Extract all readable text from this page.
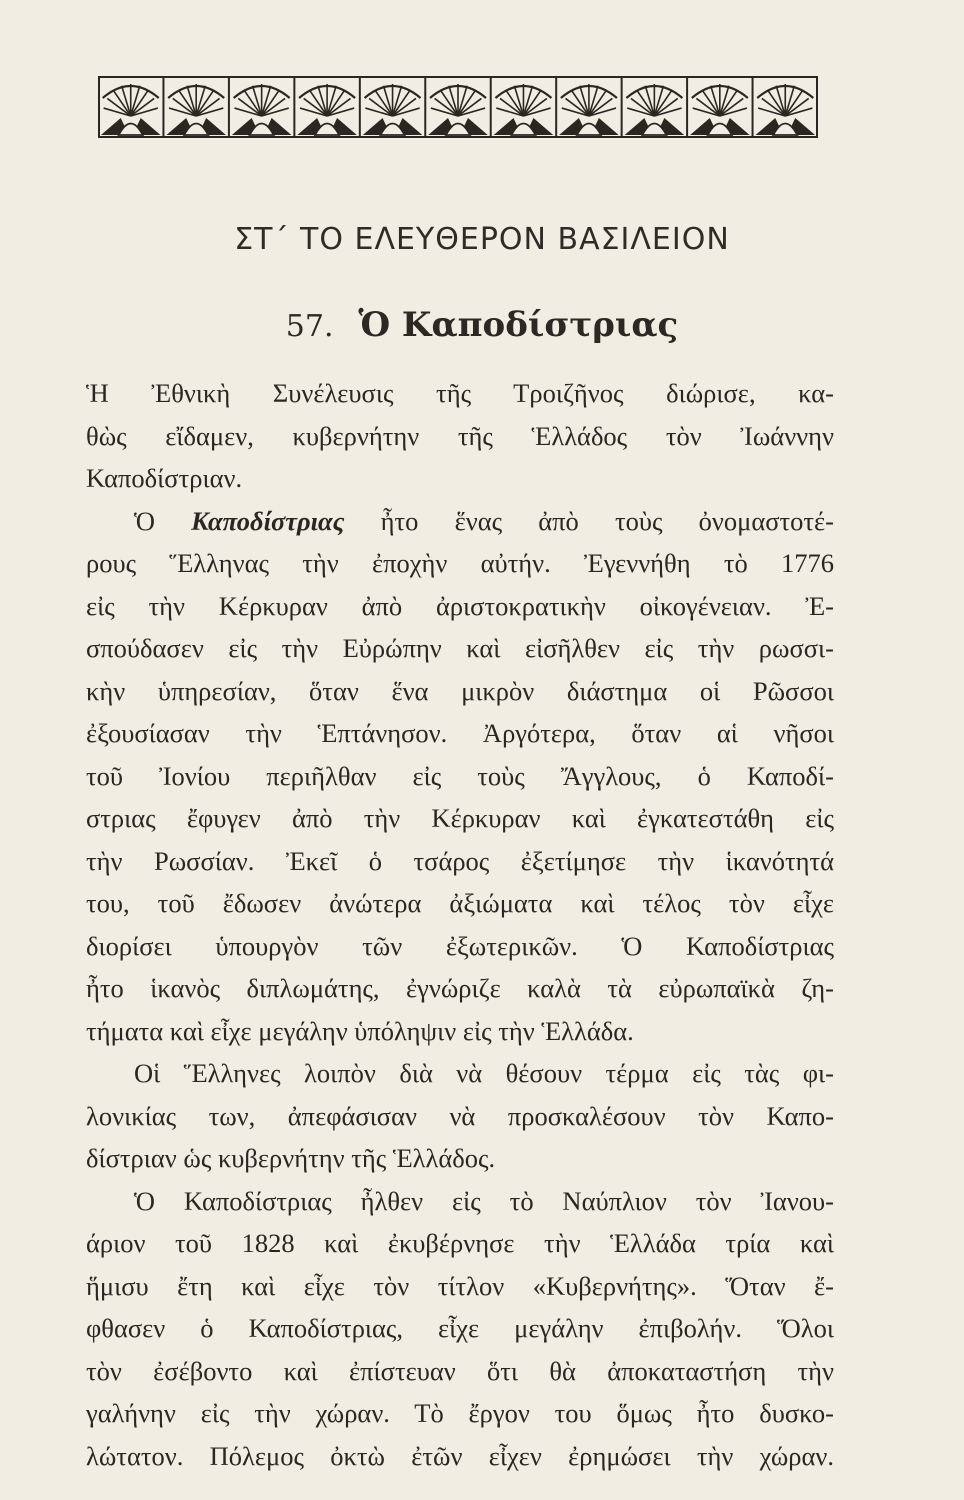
ΣΤ΄ ΤΟ ΕΛΕΥΘΕΡΟΝ ΒΑΣΙΛΕΙΟΝ
57. Ὁ Καποδίστριας
Ἡ Ἐθνικὴ Συνέλευσις τῆς Τροιζῆνος διώρισε, κα-
θὼς εἴδαμεν, κυβερνήτην τῆς Ἑλλάδος τὸν Ἰωάννην
Καποδίστριαν.
Ὁ Καποδίστριας ἦτο ἕνας ἀπὸ τοὺς ὀνομαστοτέ-
ρους Ἕλληνας τὴν ἐποχὴν αὐτήν. Ἐγεννήθη τὸ 1776
εἰς τὴν Κέρκυραν ἀπὸ ἀριστοκρατικὴν οἰκογένειαν. Ἐ-
σπούδασεν εἰς τὴν Εὐρώπην καὶ εἰσῆλθεν εἰς τὴν ρωσσι-
κὴν ὑπηρεσίαν, ὅταν ἕνα μικρὸν διάστημα οἱ Ρῶσσοι
ἐξουσίασαν τὴν Ἑπτάνησον. Ἀργότερα, ὅταν αἱ νῆσοι
τοῦ Ἰονίου περιῆλθαν εἰς τοὺς Ἄγγλους, ὁ Καποδί-
στριας ἔφυγεν ἀπὸ τὴν Κέρκυραν καὶ ἐγκατεστάθη εἰς
τὴν Ρωσσίαν. Ἐκεῖ ὁ τσάρος ἐξετίμησε τὴν ἱκανότητά
του, τοῦ ἔδωσεν ἀνώτερα ἀξιώματα καὶ τέλος τὸν εἶχε
διορίσει ὑπουργὸν τῶν ἐξωτερικῶν. Ὁ Καποδίστριας
ἦτο ἱκανὸς διπλωμάτης, ἐγνώριζε καλὰ τὰ εὐρωπαϊκὰ ζη-
τήματα καὶ εἶχε μεγάλην ὑπόληψιν εἰς τὴν Ἑλλάδα.
Οἱ Ἕλληνες λοιπὸν διὰ νὰ θέσουν τέρμα εἰς τὰς φι-
λονικίας των, ἀπεφάσισαν νὰ προσκαλέσουν τὸν Καπο-
δίστριαν ὡς κυβερνήτην τῆς Ἑλλάδος.
Ὁ Καποδίστριας ἦλθεν εἰς τὸ Ναύπλιον τὸν Ἰανου-
άριον τοῦ 1828 καὶ ἐκυβέρνησε τὴν Ἑλλάδα τρία καὶ
ἥμισυ ἔτη καὶ εἶχε τὸν τίτλον «Κυβερνήτης». Ὅταν ἔ-
φθασεν ὁ Καποδίστριας, εἶχε μεγάλην ἐπιβολήν. Ὅλοι
τὸν ἐσέβοντο καὶ ἐπίστευαν ὅτι θὰ ἀποκαταστήση τὴν
γαλήνην εἰς τὴν χώραν. Τὸ ἔργον του ὅμως ἦτο δυσκο-
λώτατον. Πόλεμος ὀκτὼ ἐτῶν εἶχεν ἐρημώσει τὴν χώραν.
